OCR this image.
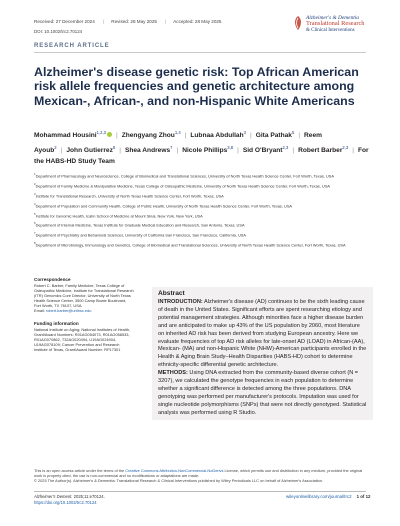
Received: 27 December 2024 | Revised: 28 May 2025 | Accepted: 28 May 2025
DOI: 10.1002/trc2.70124
Alzheimer's & Dementia
Translational Research
& Clinical Interventions
RESEARCH ARTICLE
Alzheimer's disease genetic risk: Top African American risk allele frequencies and genetic architecture among Mexican-, African-, and non-Hispanic White Americans
Mohammad Housini$^{1,2,3}$ | Zhengyang Zhou$^{1,4}$ | Lubnaa Abdullah$^3$ | Gita Pathak$^5$ | Reem Ayoub$^2$ | John Gutierrez$^6$ | Shea Andrews$^7$ | Nicole Phillips$^{3,8}$ | Sid O'Bryant$^{2,3}$ | Robert Barber$^{2,3}$ | For the HABS-HD Study Team
$^1$Department of Pharmacology and Neuroscience, College of Biomedical and Translational Sciences, University of North Texas Health Science Center, Fort Worth, Texas, USA
$^2$Department of Family Medicine & Manipulative Medicine, Texas College of Osteopathic Medicine, University of North Texas Health Science Center, Fort Worth, Texas, USA
$^3$Institute for Translational Research, University of North Texas Health Science Center, Fort Worth, Texas, USA
$^4$Department of Population and Community Health, College of Public Health, University of North Texas Health Science Center, Fort Worth, Texas, USA
$^5$Institute for Genomic Health, Icahn School of Medicine at Mount Sinai, New York, New York, USA
$^6$Department of Internal Medicine, Texas Institute for Graduate Medical Education and Research, San Antonio, Texas, USA
$^7$Department of Psychiatry and Behavioral Sciences, University of California San Francisco, San Francisco, California, USA
$^8$Department of Microbiology, Immunology and Genetics, College of Biomedical and Translational Sciences, University of North Texas Health Science Center, Fort Worth, Texas, USA
Correspondence
Robert C. Barber, Family Medicine, Texas College of Osteopathic Medicine, Institute for Translational Research (ITR) Genomics Core Director, University of North Texas Health Science Center, 3500 Camp Bowie Boulevard, Fort Worth, TX 76107, USA.
Email: robert.barber@unthsc.edu
Funding information
National Institute on Aging; National Institutes of Health, Grant/Award Numbers: R01AG054073, R01AG058533, R01AG070862, T32AG020494, U19AG024904, U19AG078109; Cancer Prevention and Research Institute of Texas, Grant/Award Number: RP17301
Abstract
INTRODUCTION: Alzheimer's disease (AD) continues to be the sixth leading cause of death in the United States. Significant efforts are spent researching etiology and potential management strategies. Although minorities face a higher disease burden and are anticipated to make up 43% of the US population by 2060, most literature on inherited AD risk has been derived from studying European ancestry. Here we evaluate frequencies of top AD risk alleles for late-onset AD (LOAD) in African-(AA), Mexican- (MA) and non-Hispanic White (NHW)-American participants enrolled in the Health & Aging Brain Study–Health Disparities (HABS-HD) cohort to determine ethnicity-specific differential genetic architecture.
METHODS: Using DNA extracted from the community-based diverse cohort (N = 3207), we calculated the genotype frequencies in each population to determine whether a significant difference is detected among the three populations. DNA genotyping was performed per manufacturer's protocols. Imputation was used for single nucleotide polymorphisms (SNPs) that were not directly genotyped. Statistical analysis was performed using R Studio.
This is an open access article under the terms of the Creative Commons Attribution-NonCommercial-NoDerivs License, which permits use and distribution in any medium, provided the original work is properly cited, the use is non-commercial and no modifications or adaptations are made.
© 2025 The Author(s). Alzheimer's & Dementia: Translational Research & Clinical Interventions published by Wiley Periodicals LLC on behalf of Alzheimer's Association.
Alzheimer's Dement. 2025;11:e70124.
https://doi.org/10.1002/trc2.70124
wileyonlinelibrary.com/journal/trc2 1 of 12
